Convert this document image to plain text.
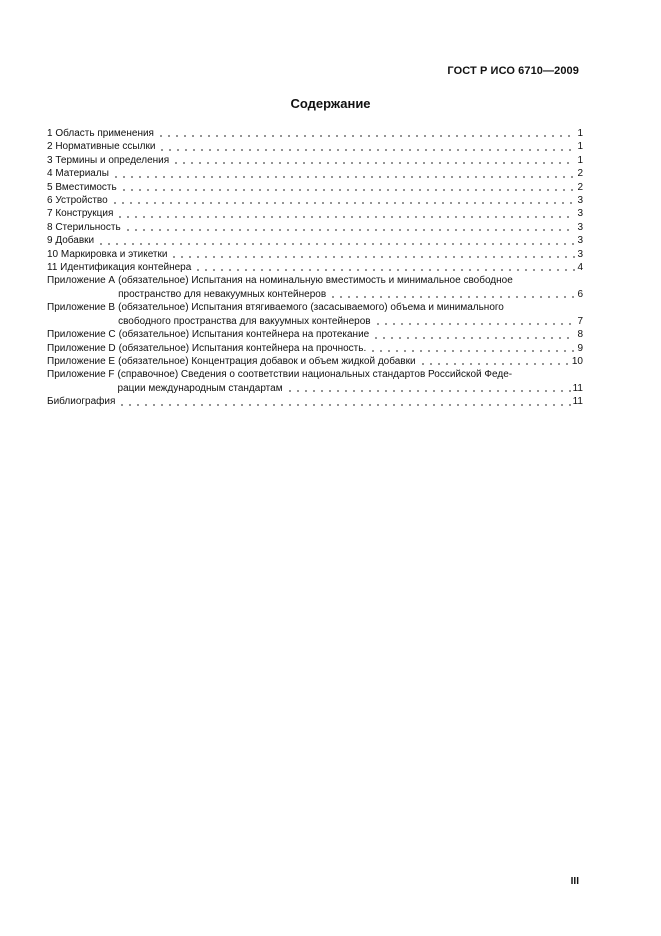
ГОСТ Р ИСО 6710—2009
Содержание
1 Область применения	1
2 Нормативные ссылки	1
3 Термины и определения	1
4 Материалы	2
5 Вместимость	2
6 Устройство	3
7 Конструкция	3
8 Стерильность	3
9 Добавки	3
10 Маркировка и этикетки	3
11 Идентификация контейнера	4
Приложение A (обязательное) Испытания на номинальную вместимость и минимальное свободное
пространство для невакуумных контейнеров	6
Приложение B (обязательное) Испытания втягиваемого (засасываемого) объема и минимального
свободного пространства для вакуумных контейнеров	7
Приложение C (обязательное) Испытания контейнера на протекание	8
Приложение D (обязательное) Испытания контейнера на прочность.	9
Приложение E (обязательное) Концентрация добавок и объем жидкой добавки	10
Приложение F (справочное) Сведения о соответствии национальных стандартов Российской Феде-
рации международным стандартам	11
Библиография	11
III
